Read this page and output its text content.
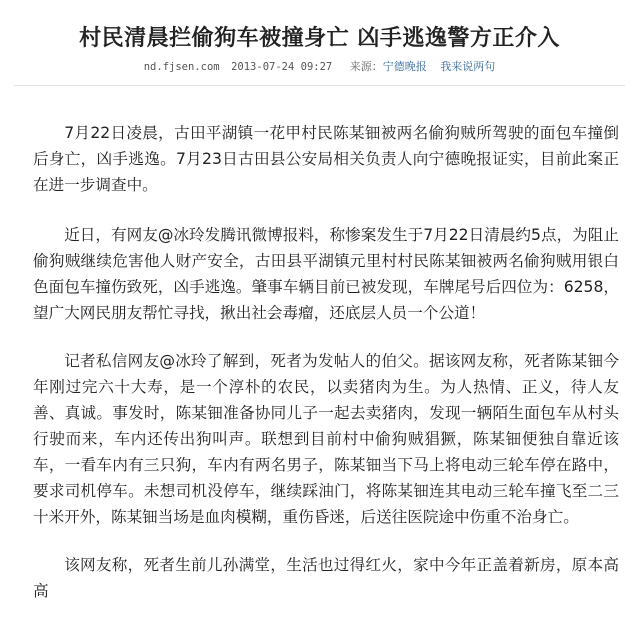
村民清晨拦偷狗车被撞身亡 凶手逃逸警方正介入
nd.fjsen.com 2013-07-24 09:27 来源：宁德晚报 我来说两句

7月22日凌晨，古田平湖镇一花甲村民陈某钿被两名偷狗贼所驾驶的面包车撞倒后身亡，凶手逃逸。7月23日古田县公安局相关负责人向宁德晚报证实，目前此案正在进一步调查中。

近日，有网友@冰玲发腾讯微博报料，称惨案发生于7月22日清晨约5点，为阻止偷狗贼继续危害他人财产安全，古田县平湖镇元里村村民陈某钿被两名偷狗贼用银白色面包车撞伤致死，凶手逃逸。肇事车辆目前已被发现，车牌尾号后四位为：6258，望广大网民朋友帮忙寻找，揪出社会毒瘤，还底层人员一个公道！

记者私信网友@冰玲了解到，死者为发帖人的伯父。据该网友称，死者陈某钿今年刚过完六十大寿，是一个淳朴的农民，以卖猪肉为生。为人热情、正义，待人友善、真诚。事发时，陈某钿准备协同儿子一起去卖猪肉，发现一辆陌生面包车从村头行驶而来，车内还传出狗叫声。联想到目前村中偷狗贼猖獗，陈某钿便独自靠近该车，一看车内有三只狗，车内有两名男子，陈某钿当下马上将电动三轮车停在路中，要求司机停车。未想司机没停车，继续踩油门，将陈某钿连其电动三轮车撞飞至二三十米开外，陈某钿当场是血肉模糊，重伤昏迷，后送往医院途中伤重不治身亡。

该网友称，死者生前儿孙满堂，生活也过得红火，家中今年正盖着新房，原本高高
